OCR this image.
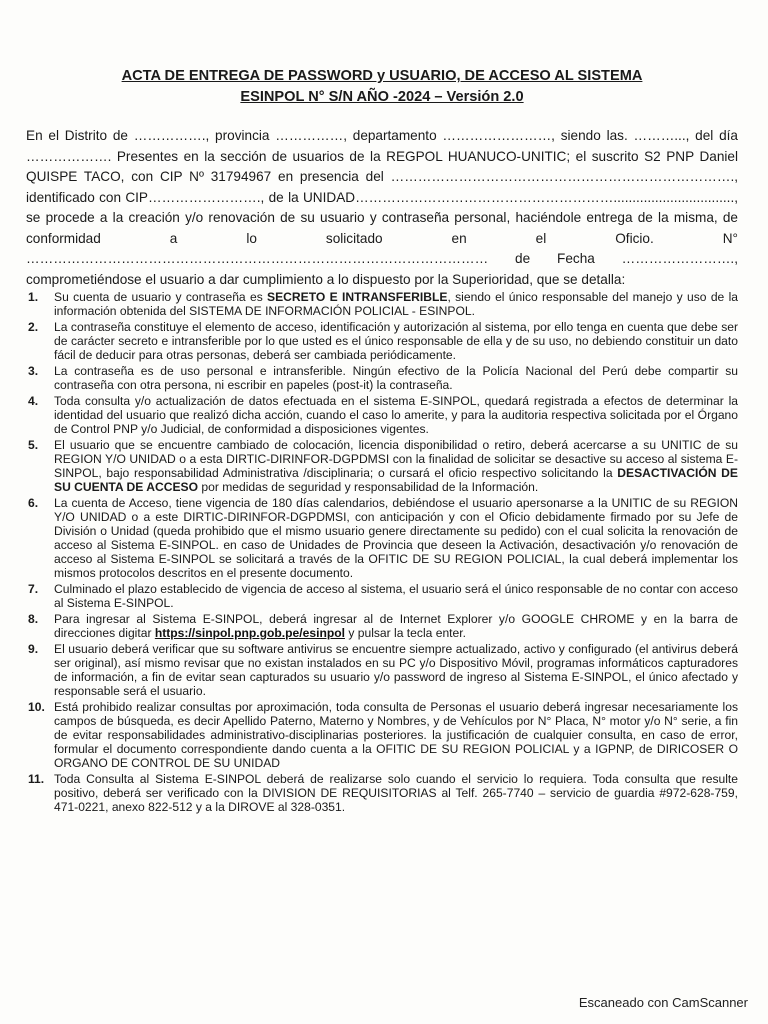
ACTA DE ENTREGA DE PASSWORD y USUARIO, DE ACCESO AL SISTEMA

ESINPOL N° S/N AÑO -2024 – Versión 2.0

En el Distrito de ……………., provincia ……………, departamento ……………………, siendo las. ………..., del día ………………. Presentes en la sección de usuarios de la REGPOL HUANUCO-UNITIC; el suscrito S2 PNP Daniel QUISPE TACO, con CIP Nº 31794967 en presencia del …………………………………………………………………., identificado con CIP……………………., de la UNIDAD…………………………………………………................................, se procede a la creación y/o renovación de su usuario y contraseña personal, haciéndole entrega de la misma, de conformidad a lo solicitado en el Oficio. N° ………………………………………………………………………………………… de Fecha ……………………., comprometiéndose el usuario a dar cumplimiento a lo dispuesto por la Superioridad, que se detalla:
1. Su cuenta de usuario y contraseña es SECRETO E INTRANSFERIBLE, siendo el único responsable del manejo y uso de la información obtenida del SISTEMA DE INFORMACIÓN POLICIAL - ESINPOL.
2. La contraseña constituye el elemento de acceso, identificación y autorización al sistema, por ello tenga en cuenta que debe ser de carácter secreto e intransferible por lo que usted es el único responsable de ella y de su uso, no debiendo constituir un dato fácil de deducir para otras personas, deberá ser cambiada periódicamente.
3. La contraseña es de uso personal e intransferible. Ningún efectivo de la Policía Nacional del Perú debe compartir su contraseña con otra persona, ni escribir en papeles (post-it) la contraseña.
4. Toda consulta y/o actualización de datos efectuada en el sistema E-SINPOL, quedará registrada a efectos de determinar la identidad del usuario que realizó dicha acción, cuando el caso lo amerite, y para la auditoria respectiva solicitada por el Órgano de Control PNP y/o Judicial, de conformidad a disposiciones vigentes.
5. El usuario que se encuentre cambiado de colocación, licencia disponibilidad o retiro, deberá acercarse a su UNITIC de su REGION Y/O UNIDAD o a esta DIRTIC-DIRINFOR-DGPDMSI con la finalidad de solicitar se desactive su acceso al sistema E-SINPOL, bajo responsabilidad Administrativa /disciplinaria; o cursará el oficio respectivo solicitando la DESACTIVACIÓN DE SU CUENTA DE ACCESO por medidas de seguridad y responsabilidad de la Información.
6. La cuenta de Acceso, tiene vigencia de 180 días calendarios, debiéndose el usuario apersonarse a la UNITIC de su REGION Y/O UNIDAD o a este DIRTIC-DIRINFOR-DGPDMSI, con anticipación y con el Oficio debidamente firmado por su Jefe de División o Unidad (queda prohibido que el mismo usuario genere directamente su pedido) con el cual solicita la renovación de acceso al Sistema E-SINPOL. en caso de Unidades de Provincia que deseen la Activación, desactivación y/o renovación de acceso al Sistema E-SINPOL se solicitará a través de la OFITIC DE SU REGION POLICIAL, la cual deberá implementar los mismos protocolos descritos en el presente documento.
7. Culminado el plazo establecido de vigencia de acceso al sistema, el usuario será el único responsable de no contar con acceso al Sistema E-SINPOL.
8. Para ingresar al Sistema E-SINPOL, deberá ingresar al de Internet Explorer y/o GOOGLE CHROME y en la barra de direcciones digitar https://sinpol.pnp.gob.pe/esinpol y pulsar la tecla enter.
9. El usuario deberá verificar que su software antivirus se encuentre siempre actualizado, activo y configurado (el antivirus deberá ser original), así mismo revisar que no existan instalados en su PC y/o Dispositivo Móvil, programas informáticos capturadores de información, a fin de evitar sean capturados su usuario y/o password de ingreso al Sistema E-SINPOL, el único afectado y responsable será el usuario.
10. Está prohibido realizar consultas por aproximación, toda consulta de Personas el usuario deberá ingresar necesariamente los campos de búsqueda, es decir Apellido Paterno, Materno y Nombres, y de Vehículos por N° Placa, N° motor y/o N° serie, a fin de evitar responsabilidades administrativo-disciplinarias posteriores. la justificación de cualquier consulta, en caso de error, formular el documento correspondiente dando cuenta a la OFITIC DE SU REGION POLICIAL y a IGPNP, de DIRICOSER O ORGANO DE CONTROL DE SU UNIDAD
11. Toda Consulta al Sistema E-SINPOL deberá de realizarse solo cuando el servicio lo requiera. Toda consulta que resulte positivo, deberá ser verificado con la DIVISION DE REQUISITORIAS al Telf. 265-7740 – servicio de guardia #972-628-759, 471-0221, anexo 822-512 y a la DIROVE al 328-0351.
Escaneado con CamScanner
